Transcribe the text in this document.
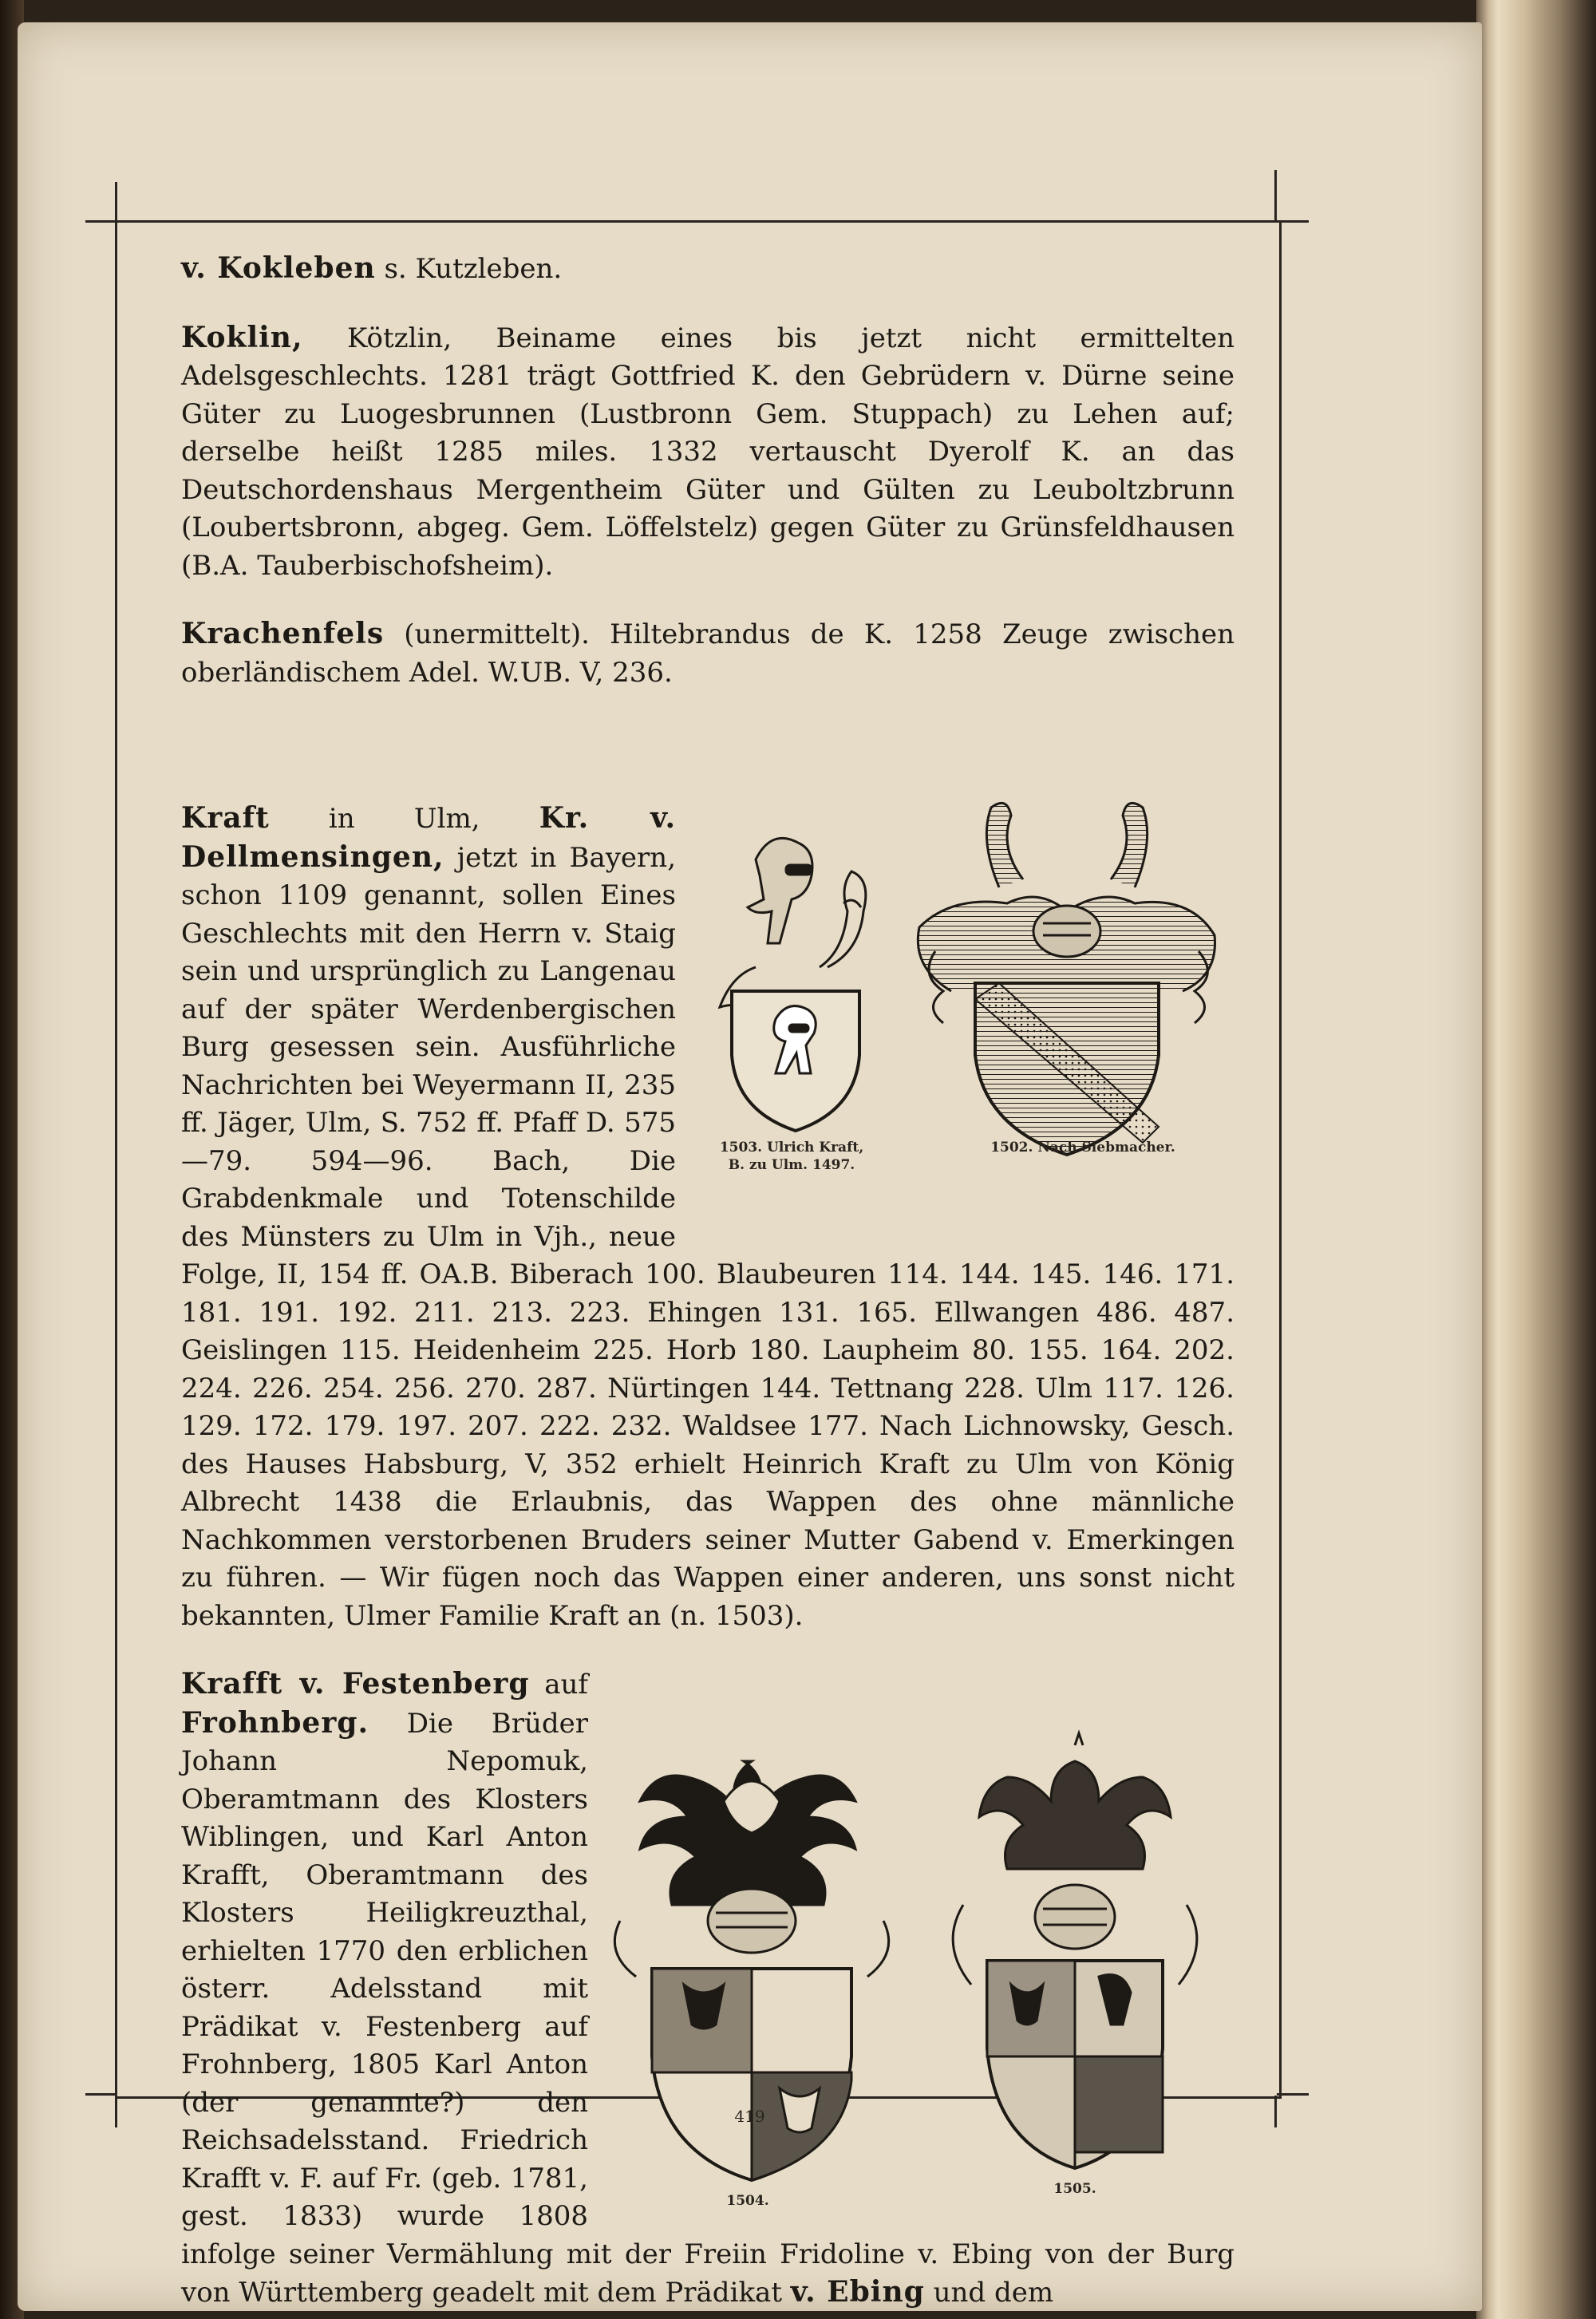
v. Kokleben s. Kutzleben.

Koklin, Kötzlin, Beiname eines bis jetzt nicht ermittelten Adelsgeschlechts. 1281 trägt Gottfried K. den Gebrüdern v. Dürne seine Güter zu Luogesbrunnen (Lustbronn Gem. Stuppach) zu Lehen auf; derselbe heißt 1285 miles. 1332 vertauscht Dyerolf K. an das Deutschordenshaus Mergentheim Güter und Gülten zu Leuboltzbrunn (Loubertsbronn, abgeg. Gem. Löffelstelz) gegen Güter zu Grünsfeldhausen (B.A. Tauberbischofsheim).

Krachenfels (unermittelt). Hiltebrandus de K. 1258 Zeuge zwischen oberländischem Adel. W.UB. V, 236.

1503. Ulrich Kraft,
B. zu Ulm. 1497.
1502. Nach Siebmacher.
Kraft in Ulm, Kr. v. Dellmensingen, jetzt in Bayern, schon 1109 genannt, sollen Eines Geschlechts mit den Herrn v. Staig sein und ursprünglich zu Langenau auf der später Werdenbergischen Burg gesessen sein. Ausführliche Nachrichten bei Weyermann II, 235 ff. Jäger, Ulm, S. 752 ff. Pfaff D. 575—79. 594—96. Bach, Die Grabdenkmale und Totenschilde des Münsters zu Ulm in Vjh., neue Folge, II, 154 ff. OA.B. Biberach 100. Blaubeuren 114. 144. 145. 146. 171. 181. 191. 192. 211. 213. 223. Ehingen 131. 165. Ellwangen 486. 487. Geislingen 115. Heidenheim 225. Horb 180. Laupheim 80. 155. 164. 202. 224. 226. 254. 256. 270. 287. Nürtingen 144. Tettnang 228. Ulm 117. 126. 129. 172. 179. 197. 207. 222. 232. Waldsee 177. Nach Lichnowsky, Gesch. des Hauses Habsburg, V, 352 erhielt Heinrich Kraft zu Ulm von König Albrecht 1438 die Erlaubnis, das Wappen des ohne männliche Nachkommen verstorbenen Bruders seiner Mutter Gabend v. Emerkingen zu führen. — Wir fügen noch das Wappen einer anderen, uns sonst nicht bekannten, Ulmer Familie Kraft an (n. 1503).
1504.
1505.
Krafft v. Festenberg auf Frohnberg. Die Brüder Johann Nepomuk, Oberamtmann des Klosters Wiblingen, und Karl Anton Krafft, Oberamtmann des Klosters Heiligkreuzthal, erhielten 1770 den erblichen österr. Adelsstand mit Prädikat v. Festenberg auf Frohnberg, 1805 Karl Anton (der genannte?) den Reichsadelsstand. Friedrich Krafft v. F. auf Fr. (geb. 1781, gest. 1833) wurde 1808 infolge seiner Vermählung mit der Freiin Fridoline v. Ebing von der Burg von Württemberg geadelt mit dem Prädikat v. Ebing und dem
419
